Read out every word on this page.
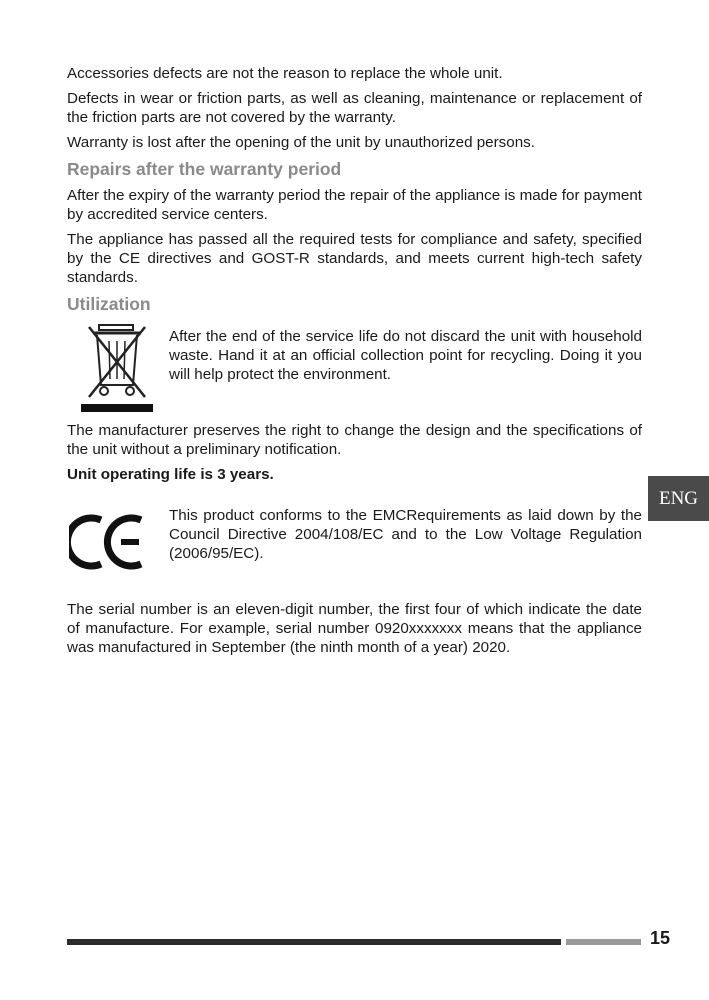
Accessories defects are not the reason to replace the whole unit.

Defects in wear or friction parts, as well as cleaning, maintenance or replacement of the friction parts are not covered by the warranty.

Warranty is lost after the opening of the unit by unauthorized persons.

Repairs after the warranty period

After the expiry of the warranty period the repair of the appliance is made for payment by accredited service centers.

The appliance has passed all the required tests for compliance and safety, specified by the CE directives and GOST-R standards, and meets current high-tech safety standards.

Utilization

After the end of the service life do not discard the unit with household waste. Hand it at an official collection point for recycling. Doing it you will help protect the environment.

The manufacturer preserves the right to change the design and the specifications of the unit without a preliminary notification.

Unit operating life is 3 years.

This product conforms to the EMCRequirements as laid down by the Council Directive 2004/108/EC and to the Low Voltage Regulation (2006/95/EC).

The serial number is an eleven-digit number, the first four of which indicate the date of manufacture. For example, serial number 0920xxxxxxx means that the appliance was manufactured in September (the ninth month of a year) 2020.

ENG
15
